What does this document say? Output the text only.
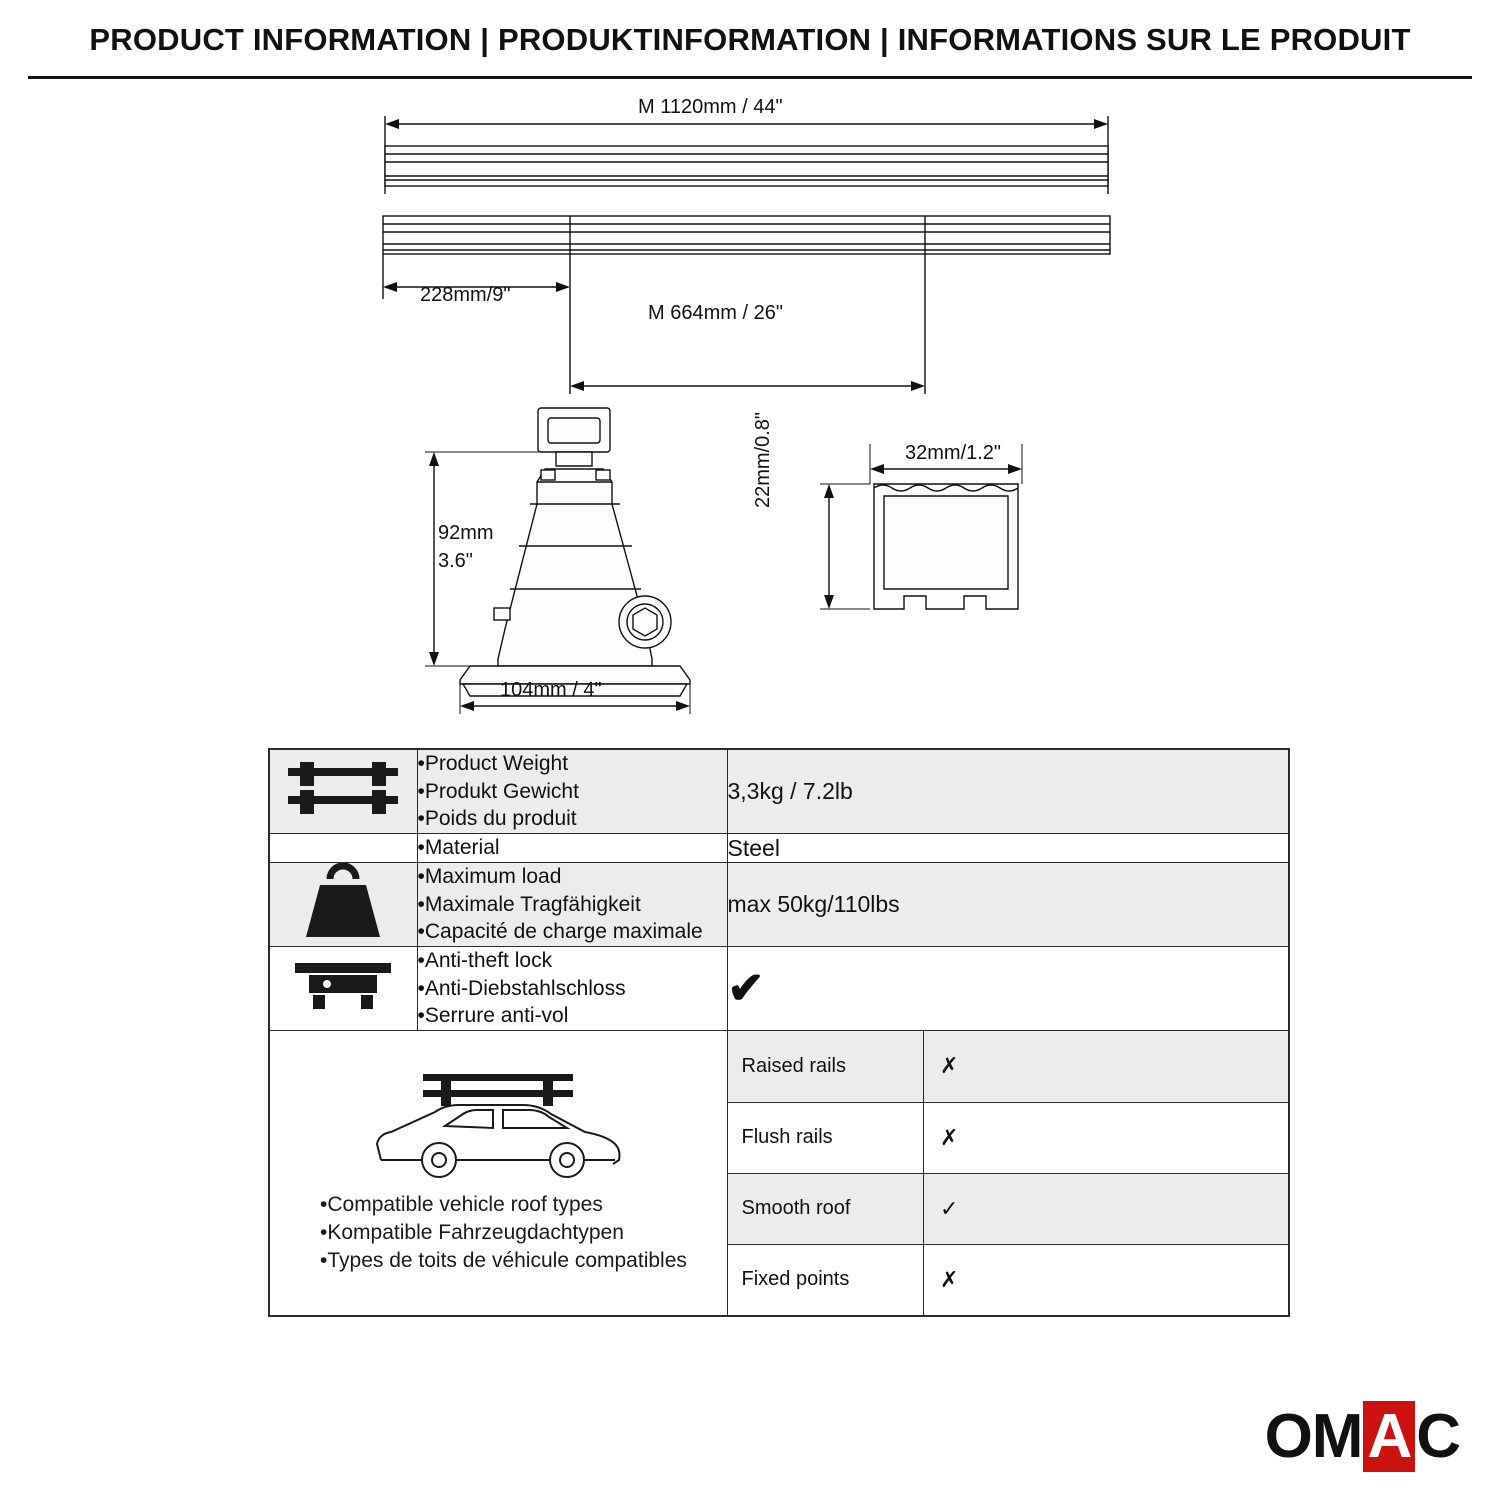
PRODUCT INFORMATION | PRODUKTINFORMATION | INFORMATIONS SUR LE PRODUIT
M 1120mm / 44"
228mm/9"
M 664mm / 26"
92mm
3.6"
104mm / 4"
32mm/1.2"
22mm/0.8"

•Product Weight
•Produkt Gewicht
•Poids du produit
	3,3kg / 7.2lb

•Material	Steel

•Maximum load
•Maximale Tragfähigkeit
•Capacité de charge maximale
	max 50kg/110lbs

•Anti-theft lock
•Anti-Diebstahlschloss
•Serrure anti-vol
	✔

•Compatible vehicle roof types
•Kompatible Fahrzeugdachtypen
•Types de toits de véhicule compatibles

Raised rails	✗
Flush rails	✗
Smooth roof	✓
Fixed points	✗
OM A C
